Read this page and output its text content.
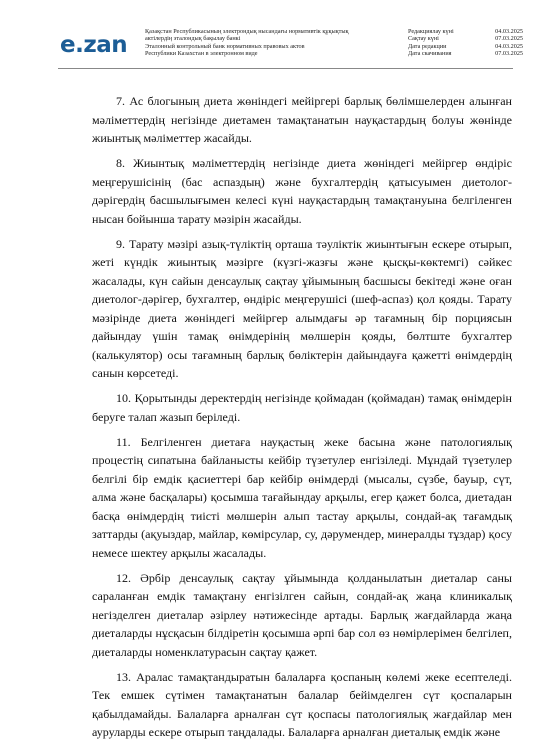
e.zan
Қазақстан Республикасының электрондық нысандағы нормативтік құқықтық
актілердің эталондық бақылау банкі
Эталонный контрольный банк нормативных правовых актов
Республики Казахстан в электронном виде
Редакциялау күні	04.03.2025
Сақтау күні	07.03.2025
Дата редакции	04.03.2025
Дата скачивания	07.03.2025

7. Ас блогының диета жөніндегі мейіргері барлық бөлімшелерден алынған мәліметтердің негізінде диетамен тамақтанатын науқастардың болуы жөнінде жиынтық мәліметтер жасайды.

8. Жиынтық мәліметтердің негізінде диета жөніндегі мейіргер өндіріс меңгерушісінің (бас аспаздың) және бухгалтердің қатысуымен диетолог-дәрігердің басшылығымен келесі күні науқастардың тамақтануына белгіленген нысан бойынша тарату мәзірін жасайды.

9. Тарату мәзірі азық-түліктің орташа тәуліктік жиынтығын ескере отырып, жеті күндік жиынтық мәзірге (күзгі-жазғы және қысқы-көктемгі) сәйкес жасалады, күн сайын денсаулық сақтау ұйымының басшысы бекітеді және оған диетолог-дәрігер, бухгалтер, өндіріс меңгерушісі (шеф-аспаз) қол қояды. Тарату мәзірінде диета жөніндегі мейіргер алымдағы әр тағамның бір порциясын дайындау үшін тамақ өнімдерінің мөлшерін қояды, бөлтште бухгалтер (калькулятор) осы тағамның барлық бөліктерін дайындауға қажетті өнімдердің санын көрсетеді.

10. Қорытынды деректердің негізінде қоймадан (қоймадан) тамақ өнімдерін беруге талап жазып беріледі.

11. Белгіленген диетаға науқастың жеке басына және патологиялық процестің сипатына байланысты кейбір түзетулер енгізіледі. Мұндай түзетулер белгілі бір емдік қасиеттері бар кейбір өнімдерді (мысалы, сүзбе, бауыр, сүт, алма және басқалары) қосымша тағайындау арқылы, егер қажет болса, диетадан басқа өнімдердің тиісті мөлшерін алып тастау арқылы, сондай-ақ тағамдық заттарды (ақуыздар, майлар, көмірсулар, су, дәрумендер, минералды тұздар) қосу немесе шектеу арқылы жасалады.

12. Әрбір денсаулық сақтау ұйымында қолданылатын диеталар саны сараланған емдік тамақтану енгізілген сайын, сондай-ақ жаңа клиникалық негізделген диеталар әзірлеу нәтижесінде артады. Барлық жағдайларда жаңа диеталарды нұсқасын білдіретін қосымша әрпі бар сол өз нөмірлерімен белгілеп, диеталарды номенклатурасын сақтау қажет.

13. Аралас тамақтандыратын балаларға қоспаның көлемі жеке есептеледі. Тек емшек сүтімен тамақтанатын балалар бейімделген сүт қоспаларын қабылдамайды. Балаларға арналған сүт қоспасы патологиялық жағдайлар мен ауруларды ескере отырып таңдалады. Балаларға арналған диеталық емдік және
